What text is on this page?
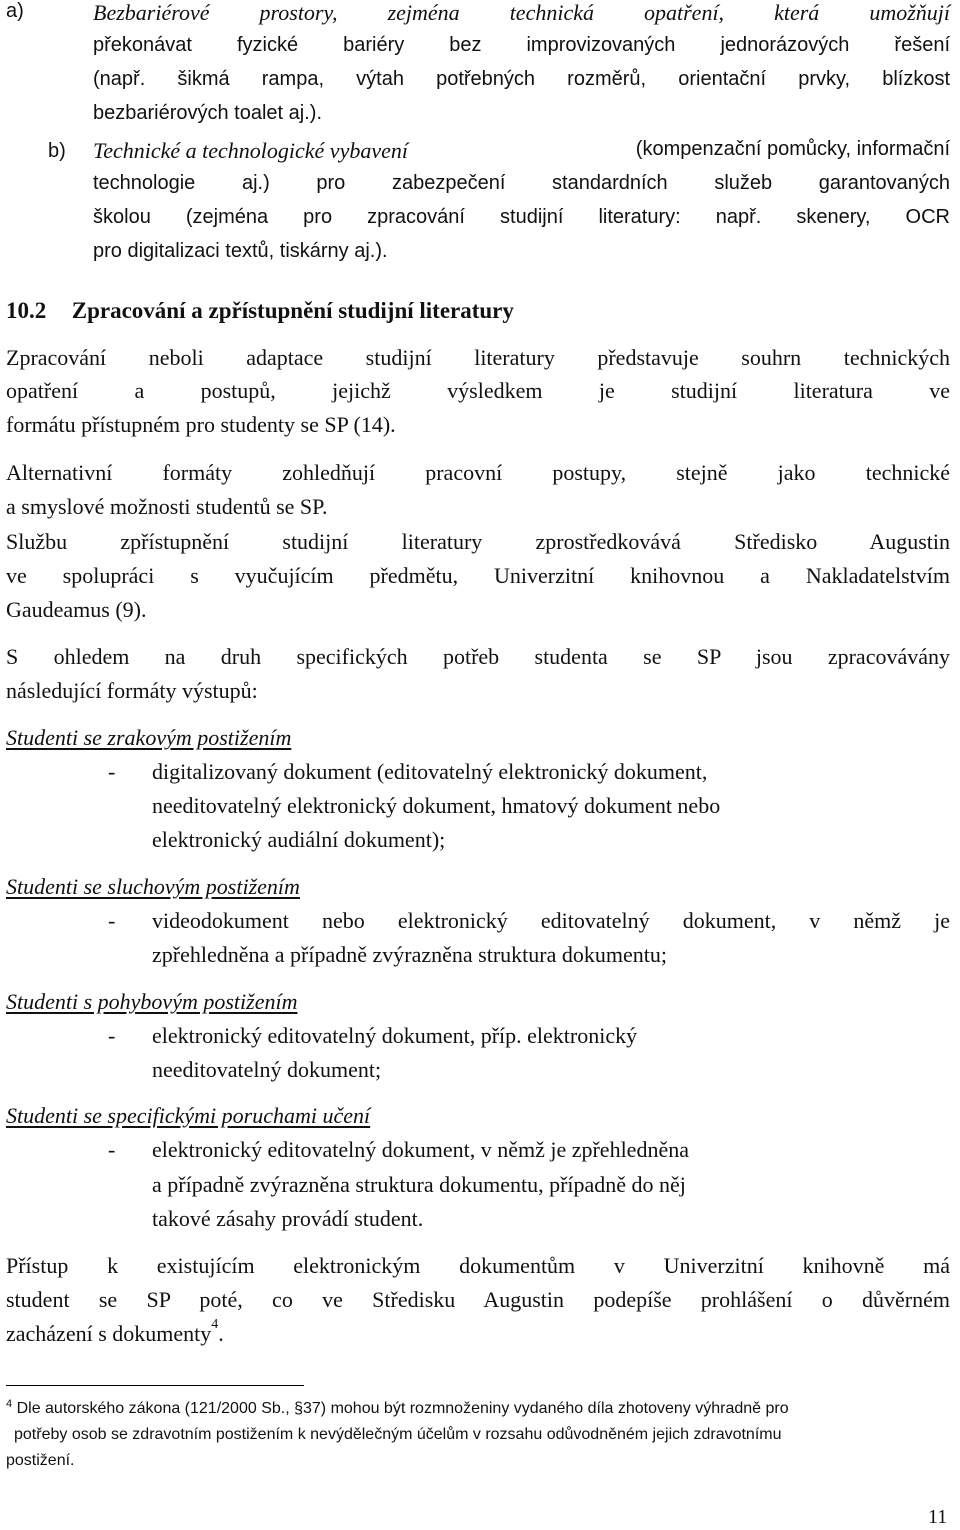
a)	Bezbariérové prostory, zejména technická opatření, která umožňují
překonávat fyzické bariéry bez improvizovaných jednorázových řešení
(např. šikmá rampa, výtah potřebných rozměrů, orientační prvky, blízkost
bezbariérových toalet aj.).
b) Technické a technologické vybavení	(kompenzační pomůcky, informační
technologie aj.) pro zabezpečení standardních služeb garantovaných
školou (zejména pro zpracování studijní literatury: např. skenery, OCR
pro digitalizaci textů, tiskárny aj.).
10.2 Zpracování a zpřístupnění studijní literatury
Zpracování neboli adaptace studijní literatury představuje souhrn technických
opatření a postupů, jejichž výsledkem je studijní literatura ve
formátu přístupném pro studenty se SP (14).
Alternativní formáty zohledňují pracovní postupy, stejně jako technické
a smyslové možnosti studentů se SP.
Službu zpřístupnění studijní literatury zprostředkovává Středisko Augustin
ve spolupráci s vyučujícím předmětu, Univerzitní knihovnou a Nakladatelstvím
Gaudeamus (9).
S ohledem na druh specifických potřeb studenta se SP jsou zpracovávány
následující formáty výstupů:
Studenti se zrakovým postižením
- digitalizovaný dokument (editovatelný elektronický dokument,
needitovatelný elektronický dokument, hmatový dokument nebo
elektronický audiální dokument);
Studenti se sluchovým postižením
- videodokument nebo elektronický editovatelný dokument, v němž je
zpřehledněna a případně zvýrazněna struktura dokumentu;
Studenti s pohybovým postižením
- elektronický editovatelný dokument, příp. elektronický
needitovatelný dokument;
Studenti se specifickými poruchami učení
- elektronický editovatelný dokument, v němž je zpřehledněna
a případně zvýrazněna struktura dokumentu, případně do něj
takové zásahy provádí student.
Přístup k existujícím elektronickým dokumentům v Univerzitní knihovně má
student se SP poté, co ve Středisku Augustin podepíše prohlášení o důvěrném
zacházení s dokumenty$^4$.
$^4$ Dle autorského zákona (121/2000 Sb., §37) mohou být rozmnoženiny vydaného díla zhotoveny výhradně pro
potřeby osob se zdravotním postižením k nevýdělečným účelům v rozsahu odůvodněném jejich zdravotnímu
postižení.
11
